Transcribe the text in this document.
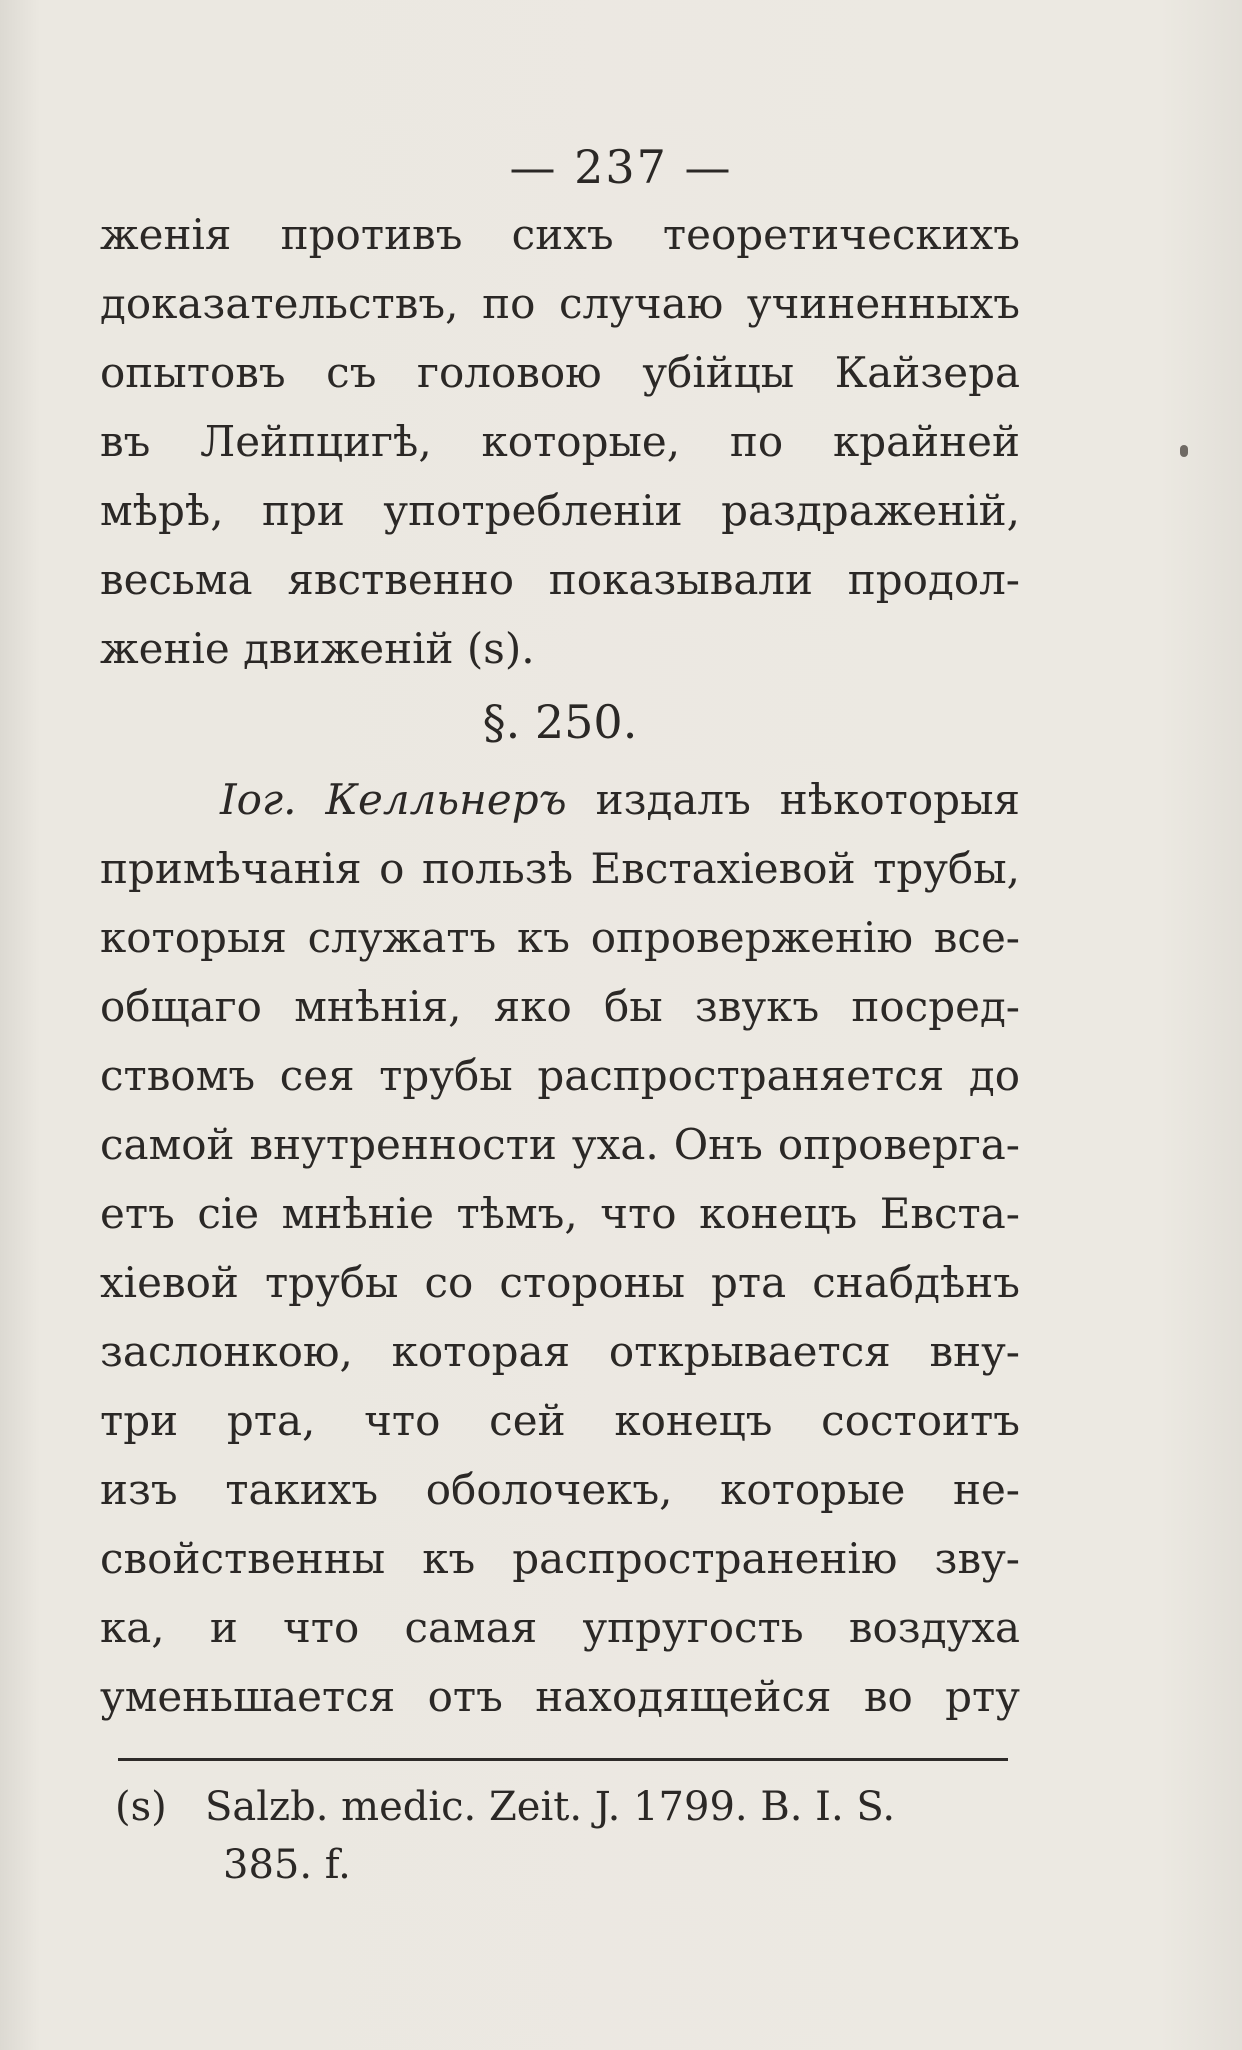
— 237 —
женія противъ сихъ теоретическихъ
доказательствъ, по случаю учиненныхъ
опытовъ съ головою убійцы Кайзера
въ Лейпцигѣ, которые, по крайней
мѣрѣ, при употребленіи раздраженій,
весьма явственно показывали продол-
женіе движеній (s).
§. 250.
Іог. Келльнеръ издалъ нѣкоторыя
примѣчанія о пользѣ Евстахіевой трубы,
которыя служатъ къ опроверженію все-
общаго мнѣнія, яко бы звукъ посред-
ствомъ сея трубы распространяется до
самой внутренности уха. Онъ опроверга-
етъ сіе мнѣніе тѣмъ, что конецъ Евста-
хіевой трубы со стороны рта снабдѣнъ
заслонкою, которая открывается вну-
три рта, что сей конецъ состоитъ
изъ такихъ оболочекъ, которые не-
свойственны къ распространенію зву-
ка, и что самая упругость воздуха
уменьшается отъ находящейся во рту
(s) Salzb. medic. Zeit. J. 1799. B. I. S.
385. f.
